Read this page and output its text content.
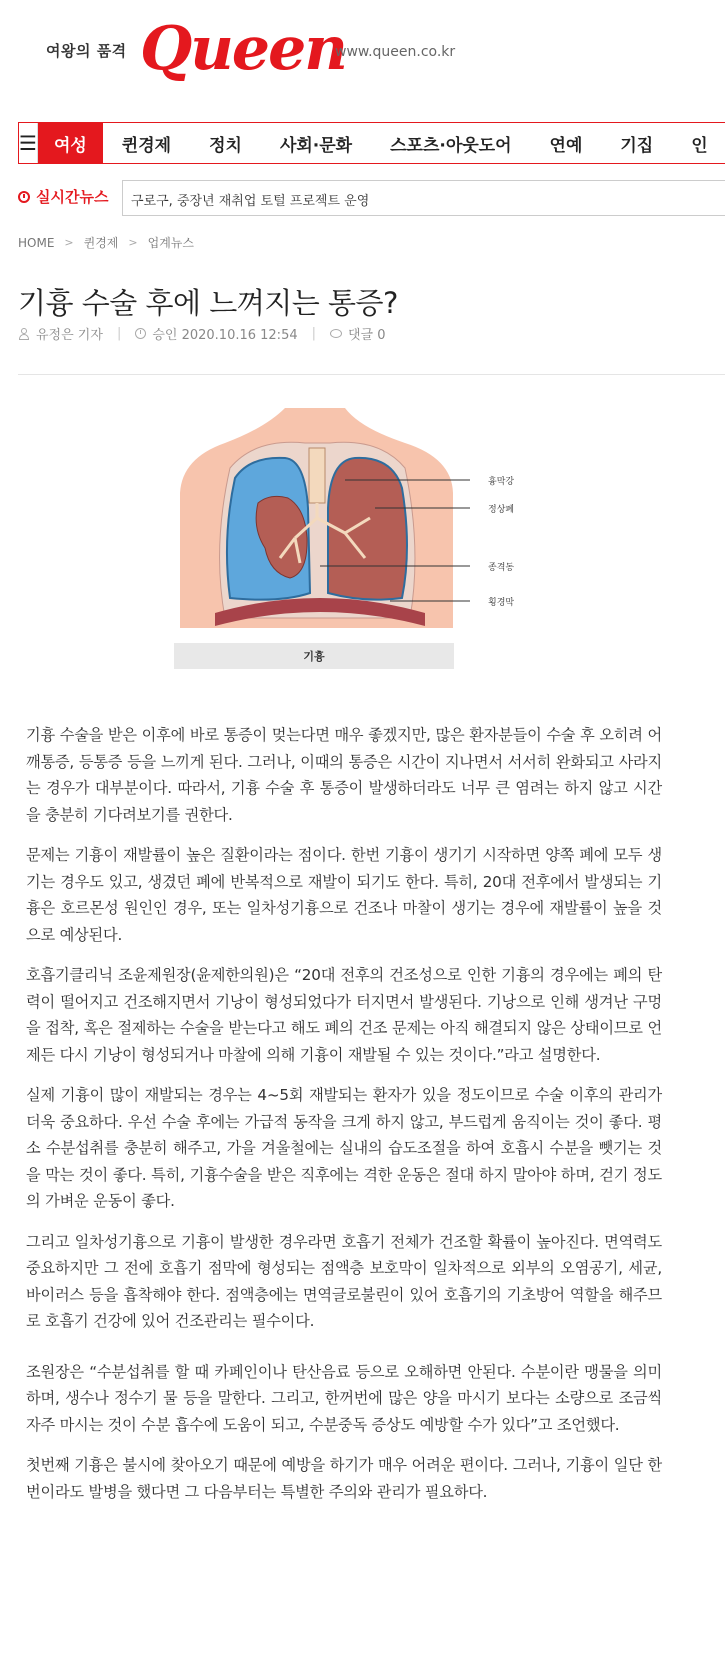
여왕의 품격 Queen
www.queen.co.kr
☰	여성	퀸경제	정치	사회·문화	스포츠·아웃도어	연예	기집	인
실시간뉴스	구로구, 중장년 재취업 토털 프로젝트 운영
HOME > 퀸경제 > 업계뉴스
기흉 수술 후에 느껴지는 통증?
유정은 기자 | 승인 2020.10.16 12:54 | 댓글 0
흉막강
정상폐
종격동
횡경막
기흉

기흉 수술을 받은 이후에 바로 통증이 멎는다면 매우 좋겠지만, 많은 환자분들이 수술 후 오히려 어깨통증, 등통증 등을 느끼게 된다. 그러나, 이때의 통증은 시간이 지나면서 서서히 완화되고 사라지는 경우가 대부분이다. 따라서, 기흉 수술 후 통증이 발생하더라도 너무 큰 염려는 하지 않고 시간을 충분히 기다려보기를 권한다.

문제는 기흉이 재발률이 높은 질환이라는 점이다. 한번 기흉이 생기기 시작하면 양쪽 폐에 모두 생기는 경우도 있고, 생겼던 폐에 반복적으로 재발이 되기도 한다. 특히, 20대 전후에서 발생되는 기흉은 호르몬성 원인인 경우, 또는 일차성기흉으로 건조나 마찰이 생기는 경우에 재발률이 높을 것으로 예상된다.

호흡기클리닉 조윤제원장(윤제한의원)은 “20대 전후의 건조성으로 인한 기흉의 경우에는 폐의 탄력이 떨어지고 건조해지면서 기낭이 형성되었다가 터지면서 발생된다. 기낭으로 인해 생겨난 구멍을 접착, 혹은 절제하는 수술을 받는다고 해도 폐의 건조 문제는 아직 해결되지 않은 상태이므로 언제든 다시 기낭이 형성되거나 마찰에 의해 기흉이 재발될 수 있는 것이다.”라고 설명한다.

실제 기흉이 많이 재발되는 경우는 4~5회 재발되는 환자가 있을 정도이므로 수술 이후의 관리가 더욱 중요하다. 우선 수술 후에는 가급적 동작을 크게 하지 않고, 부드럽게 움직이는 것이 좋다. 평소 수분섭취를 충분히 해주고, 가을 겨울철에는 실내의 습도조절을 하여 호흡시 수분을 뺏기는 것을 막는 것이 좋다. 특히, 기흉수술을 받은 직후에는 격한 운동은 절대 하지 말아야 하며, 걷기 정도의 가벼운 운동이 좋다.

그리고 일차성기흉으로 기흉이 발생한 경우라면 호흡기 전체가 건조할 확률이 높아진다. 면역력도 중요하지만 그 전에 호흡기 점막에 형성되는 점액층 보호막이 일차적으로 외부의 오염공기, 세균, 바이러스 등을 흡착해야 한다. 점액층에는 면역글로불린이 있어 호흡기의 기초방어 역할을 해주므로 호흡기 건강에 있어 건조관리는 필수이다.

조원장은 “수분섭취를 할 때 카페인이나 탄산음료 등으로 오해하면 안된다. 수분이란 맹물을 의미하며, 생수나 정수기 물 등을 말한다. 그리고, 한꺼번에 많은 양을 마시기 보다는 소량으로 조금씩 자주 마시는 것이 수분 흡수에 도움이 되고, 수분중독 증상도 예방할 수가 있다”고 조언했다.

첫번째 기흉은 불시에 찾아오기 때문에 예방을 하기가 매우 어려운 편이다. 그러나, 기흉이 일단 한번이라도 발병을 했다면 그 다음부터는 특별한 주의와 관리가 필요하다.
